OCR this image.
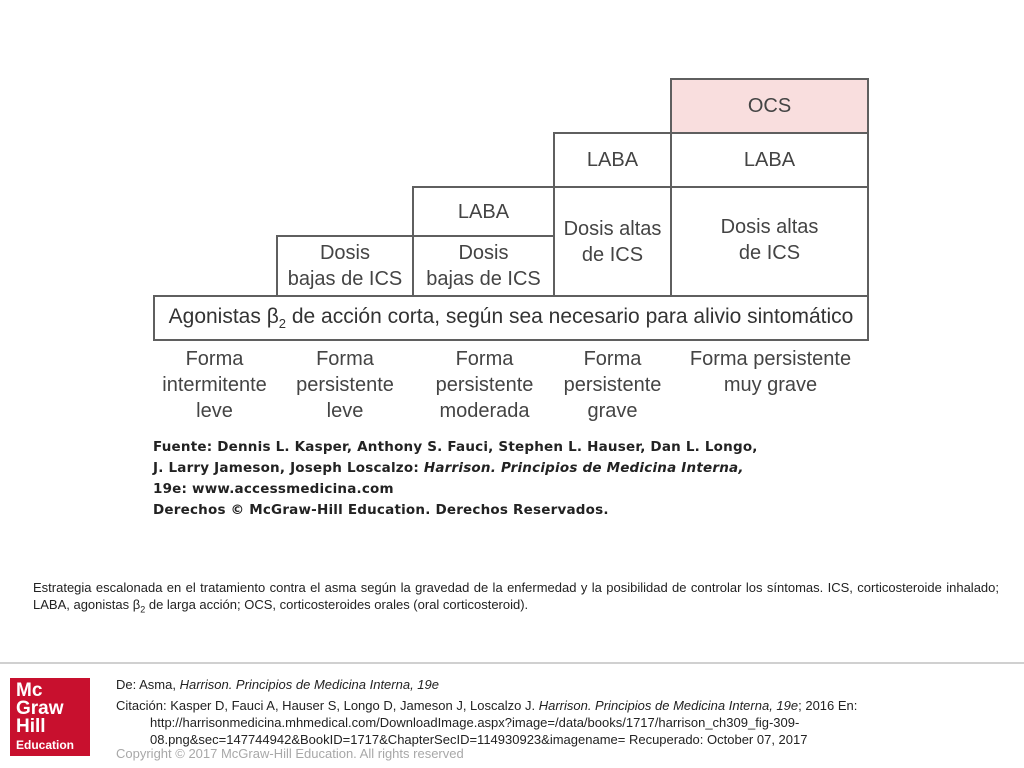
OCS
LABA	LABA
LABA
Dosis altas
de ICS
Dosis altas
de ICS
Dosis
bajas de ICS
Dosis
bajas de ICS
Agonistas $\beta_2$ de acción corta, según sea necesario para alivio sintomático
Forma intermitente leve
Forma persistente leve
Forma persistente moderada
Forma persistente grave
Forma persistente muy grave
Fuente: Dennis L. Kasper, Anthony S. Fauci, Stephen L. Hauser, Dan L. Longo,
J. Larry Jameson, Joseph Loscalzo: Harrison. Principios de Medicina Interna,
19e: www.accessmedicina.com
Derechos © McGraw-Hill Education. Derechos Reservados.
Estrategia escalonada en el tratamiento contra el asma según la gravedad de la enfermedad y la posibilidad de controlar los síntomas. ICS, corticosteroide inhalado; LABA, agonistas $\beta_2$ de larga acción; OCS, corticosteroides orales (oral corticosteroid).
Mc
Graw
Hill
Education
De: Asma, Harrison. Principios de Medicina Interna, 19e
Citación: Kasper D, Fauci A, Hauser S, Longo D, Jameson J, Loscalzo J. Harrison. Principios de Medicina Interna, 19e; 2016 En:
http://harrisonmedicina.mhmedical.com/DownloadImage.aspx?image=/data/books/1717/harrison_ch309_fig-309-
08.png&sec=147744942&BookID=1717&ChapterSecID=114930923&imagename= Recuperado: October 07, 2017
Copyright © 2017 McGraw-Hill Education. All rights reserved
